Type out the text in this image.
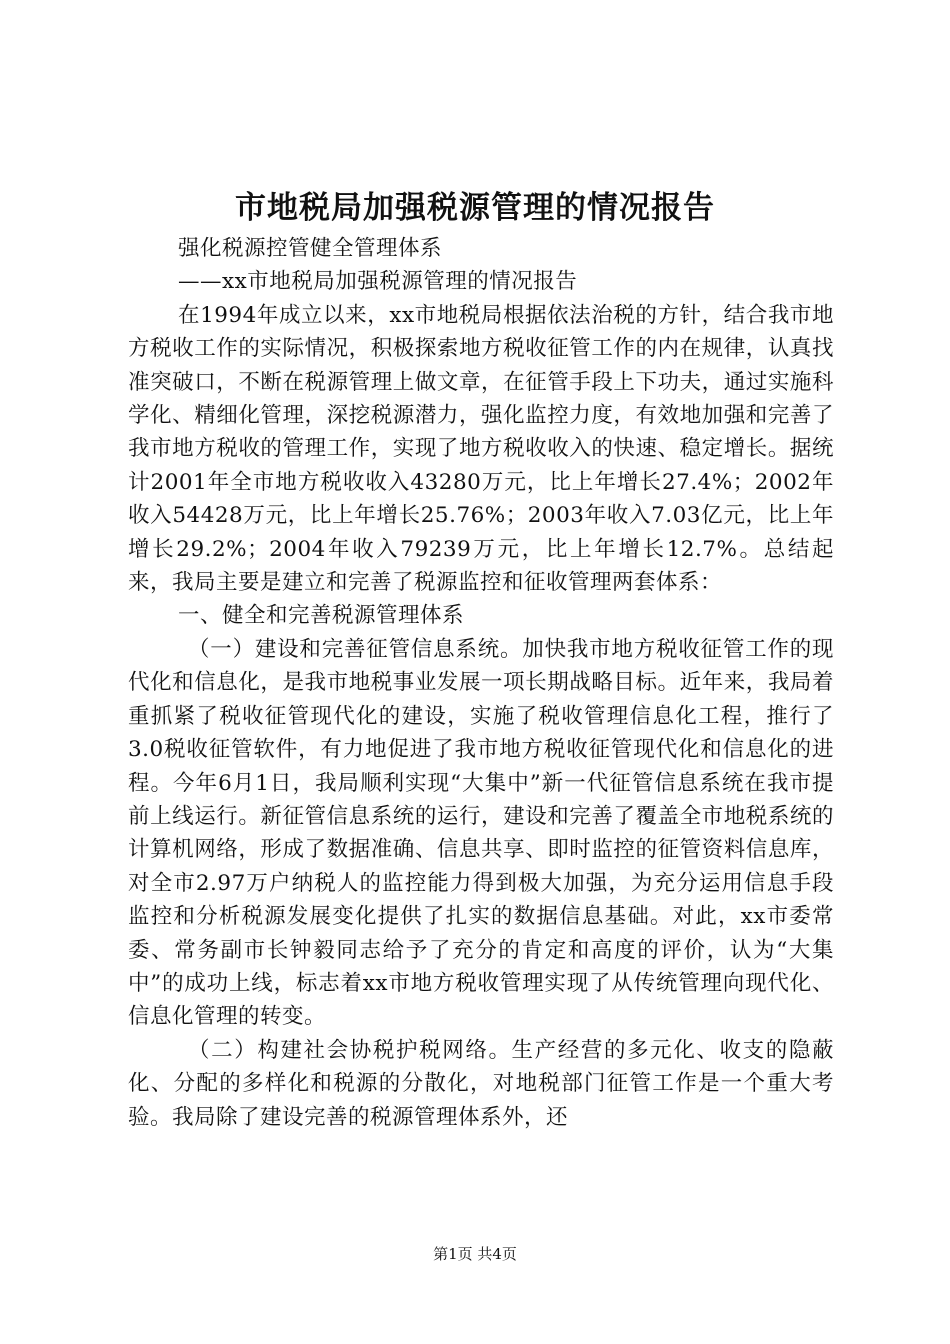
市地税局加强税源管理的情况报告

强化税源控管健全管理体系

——xx市地税局加强税源管理的情况报告

在1994年成立以来，xx市地税局根据依法治税的方针，结合我市地方税收工作的实际情况，积极探索地方税收征管工作的内在规律，认真找准突破口，不断在税源管理上做文章，在征管手段上下功夫，通过实施科学化、精细化管理，深挖税源潜力，强化监控力度，有效地加强和完善了我市地方税收的管理工作，实现了地方税收收入的快速、稳定增长。据统计2001年全市地方税收收入43280万元，比上年增长27.4%；2002年收入54428万元，比上年增长25.76%；2003年收入7.03亿元，比上年增长29.2%；2004年收入79239万元，比上年增长12.7%。总结起来，我局主要是建立和完善了税源监控和征收管理两套体系：

一、健全和完善税源管理体系

（一）建设和完善征管信息系统。加快我市地方税收征管工作的现代化和信息化，是我市地税事业发展一项长期战略目标。近年来，我局着重抓紧了税收征管现代化的建设，实施了税收管理信息化工程，推行了3.0税收征管软件，有力地促进了我市地方税收征管现代化和信息化的进程。今年6月1日，我局顺利实现“大集中”新一代征管信息系统在我市提前上线运行。新征管信息系统的运行，建设和完善了覆盖全市地税系统的计算机网络，形成了数据准确、信息共享、即时监控的征管资料信息库，对全市2.97万户纳税人的监控能力得到极大加强，为充分运用信息手段监控和分析税源发展变化提供了扎实的数据信息基础。对此，xx市委常委、常务副市长钟毅同志给予了充分的肯定和高度的评价，认为“大集中”的成功上线，标志着xx市地方税收管理实现了从传统管理向现代化、信息化管理的转变。

（二）构建社会协税护税网络。生产经营的多元化、收支的隐蔽化、分配的多样化和税源的分散化，对地税部门征管工作是一个重大考验。我局除了建设完善的税源管理体系外，还

第1页 共4页
